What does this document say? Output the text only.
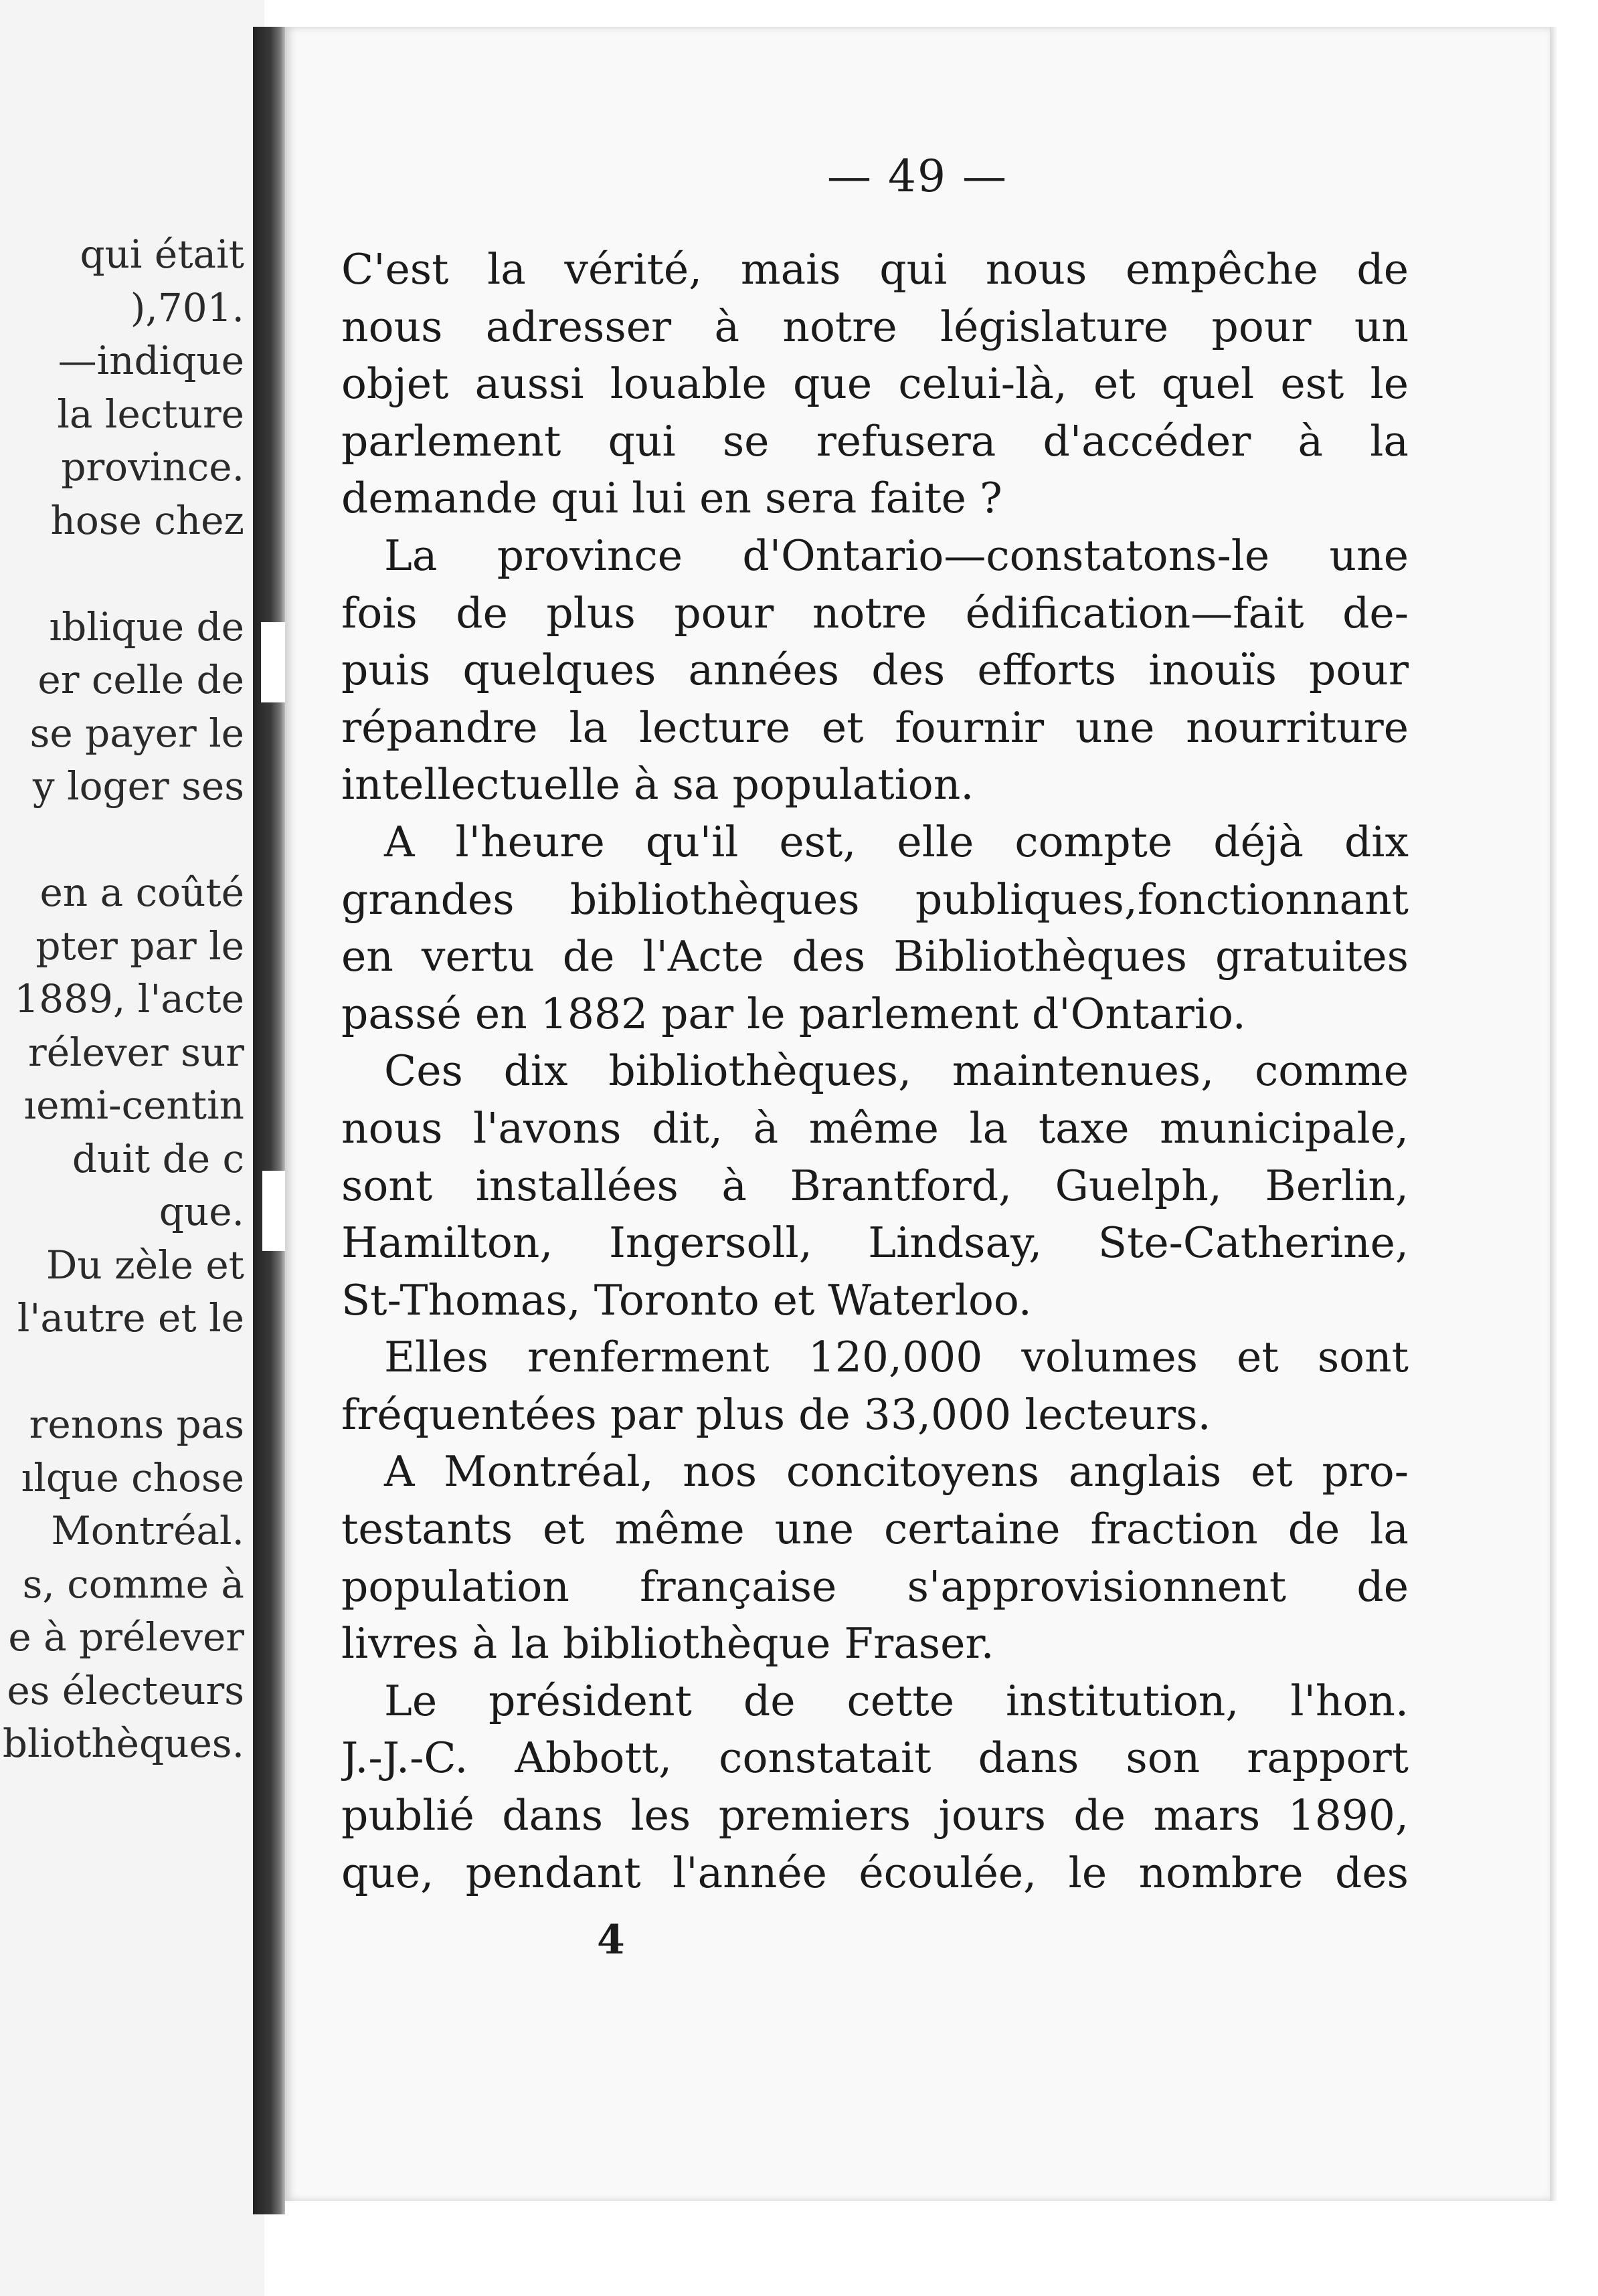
qui était
),701.
—indique
la lecture
province.
hose chez
ıblique de
er celle de
se payer le
y loger ses
en a coûté
pter par le
1889, l'acte
rélever sur
ıemi-centin
duit de c
que.
Du zèle et
l'autre et le
renons pas
ılque chose
Montréal.
s, comme à
e à prélever
es électeurs
bliothèques.
— 49 —
C'est la vérité, mais qui nous empêche de
nous adresser à notre législature pour un
objet aussi louable que celui-là, et quel est le
parlement qui se refusera d'accéder à la
demande qui lui en sera faite ?
La province d'Ontario—constatons-le une
fois de plus pour notre édification—fait de-
puis quelques années des efforts inouïs pour
répandre la lecture et fournir une nourriture
intellectuelle à sa population.
A l'heure qu'il est, elle compte déjà dix
grandes bibliothèques publiques,fonctionnant
en vertu de l'Acte des Bibliothèques gratuites
passé en 1882 par le parlement d'Ontario.
Ces dix bibliothèques, maintenues, comme
nous l'avons dit, à même la taxe municipale,
sont installées à Brantford, Guelph, Berlin,
Hamilton, Ingersoll, Lindsay, Ste-Catherine,
St-Thomas, Toronto et Waterloo.
Elles renferment 120,000 volumes et sont
fréquentées par plus de 33,000 lecteurs.
A Montréal, nos concitoyens anglais et pro-
testants et même une certaine fraction de la
population française s'approvisionnent de
livres à la bibliothèque Fraser.
Le président de cette institution, l'hon.
J.-J.-C. Abbott, constatait dans son rapport
publié dans les premiers jours de mars 1890,
que, pendant l'année écoulée, le nombre des
4
